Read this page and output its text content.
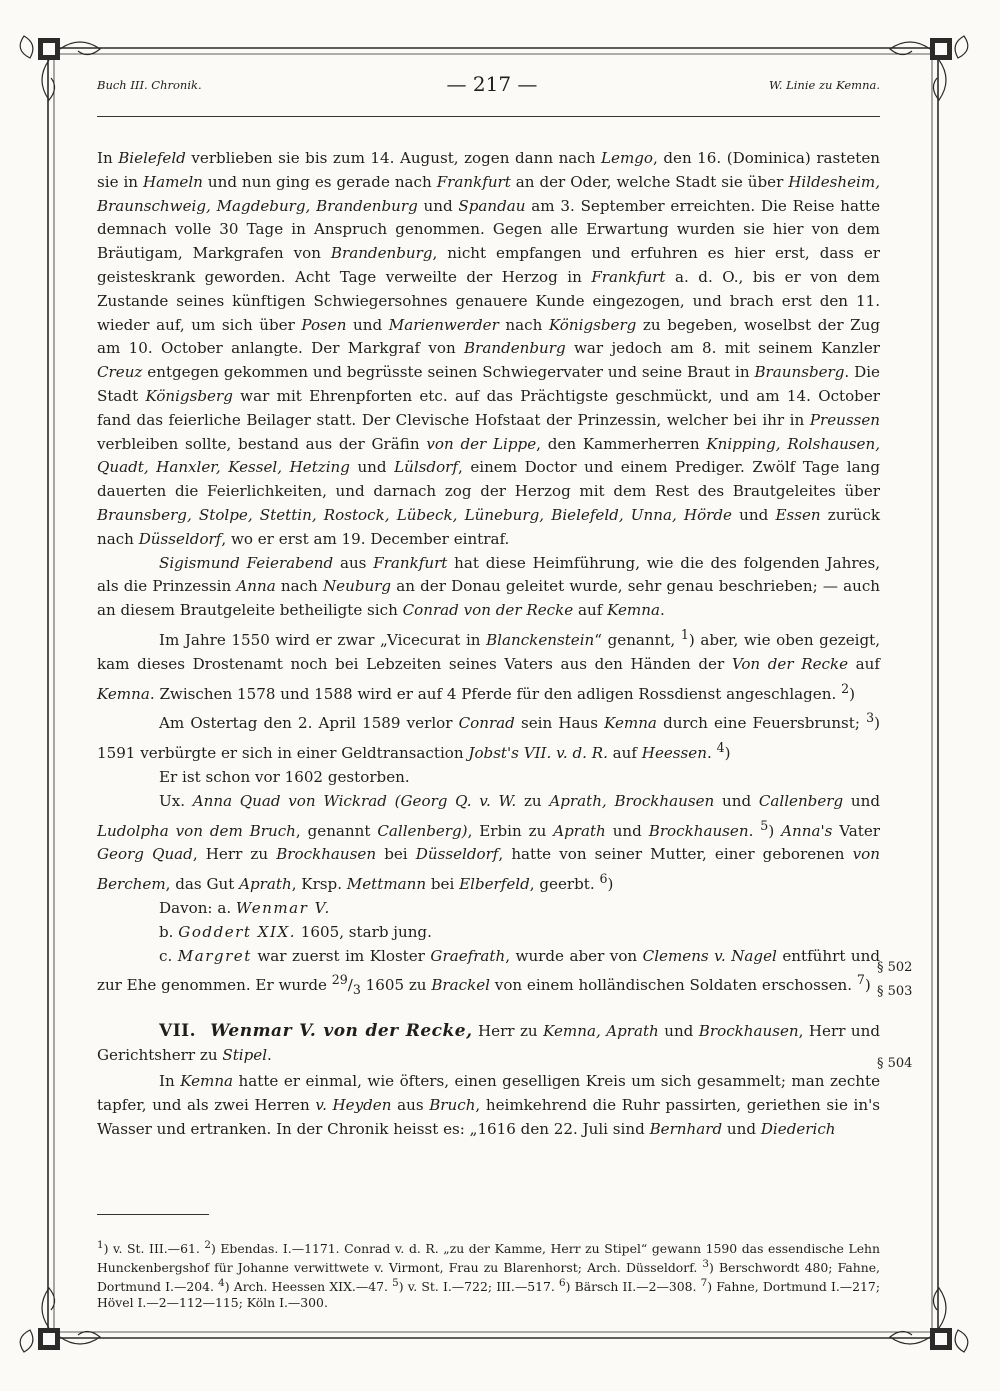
Buch III. Chronik.	— 217 —	W. Linie zu Kemna.

In Bielefeld verblieben sie bis zum 14. August, zogen dann nach Lemgo, den 16. (Dominica) rasteten sie in Hameln und nun ging es gerade nach Frankfurt an der Oder, welche Stadt sie über Hildesheim, Braunschweig, Magdeburg, Brandenburg und Spandau am 3. September erreichten. Die Reise hatte demnach volle 30 Tage in Anspruch genommen. Gegen alle Erwartung wurden sie hier von dem Bräutigam, Markgrafen von Brandenburg, nicht empfangen und erfuhren es hier erst, dass er geisteskrank geworden. Acht Tage verweilte der Herzog in Frankfurt a. d. O., bis er von dem Zustande seines künftigen Schwiegersohnes genauere Kunde eingezogen, und brach erst den 11. wieder auf, um sich über Posen und Marienwerder nach Königsberg zu begeben, woselbst der Zug am 10. October anlangte. Der Markgraf von Brandenburg war jedoch am 8. mit seinem Kanzler Creuz entgegen gekommen und begrüsste seinen Schwiegervater und seine Braut in Braunsberg. Die Stadt Königsberg war mit Ehrenpforten etc. auf das Prächtigste geschmückt, und am 14. October fand das feierliche Beilager statt. Der Clevische Hofstaat der Prinzessin, welcher bei ihr in Preussen verbleiben sollte, bestand aus der Gräfin von der Lippe, den Kammerherren Knipping, Rolshausen, Quadt, Hanxler, Kessel, Hetzing und Lülsdorf, einem Doctor und einem Prediger. Zwölf Tage lang dauerten die Feierlichkeiten, und darnach zog der Herzog mit dem Rest des Brautgeleites über Braunsberg, Stolpe, Stettin, Rostock, Lübeck, Lüneburg, Bielefeld, Unna, Hörde und Essen zurück nach Düsseldorf, wo er erst am 19. December eintraf.

Sigismund Feierabend aus Frankfurt hat diese Heimführung, wie die des folgenden Jahres, als die Prinzessin Anna nach Neuburg an der Donau geleitet wurde, sehr genau beschrieben; — auch an diesem Brautgeleite betheiligte sich Conrad von der Recke auf Kemna.

Im Jahre 1550 wird er zwar „Vicecurat in Blanckenstein“ genannt, $^1$) aber, wie oben gezeigt, kam dieses Drostenamt noch bei Lebzeiten seines Vaters aus den Händen der Von der Recke auf Kemna. Zwischen 1578 und 1588 wird er auf 4 Pferde für den adligen Rossdienst angeschlagen. $^2$)

Am Ostertag den 2. April 1589 verlor Conrad sein Haus Kemna durch eine Feuersbrunst; $^3$) 1591 verbürgte er sich in einer Geldtransaction Jobst's VII. v. d. R. auf Heessen. $^4$)

Er ist schon vor 1602 gestorben.

Ux. Anna Quad von Wickrad (Georg Q. v. W. zu Aprath, Brockhausen und Callenberg und Ludolpha von dem Bruch, genannt Callenberg), Erbin zu Aprath und Brockhausen. $^5$) Anna's Vater Georg Quad, Herr zu Brockhausen bei Düsseldorf, hatte von seiner Mutter, einer geborenen von Berchem, das Gut Aprath, Krsp. Mettmann bei Elberfeld, geerbt. $^6$)

Davon: a. Wenmar V.

b. Goddert XIX. 1605, starb jung.

c. Margret war zuerst im Kloster Graefrath, wurde aber von Clemens v. Nagel entführt und zur Ehe genommen. Er wurde $^{29}/_3$ 1605 zu Brackel von einem holländischen Soldaten erschossen. $^7$)

VII.  Wenmar V. von der Recke, Herr zu Kemna, Aprath und Brockhausen, Herr und Gerichtsherr zu Stipel.

In Kemna hatte er einmal, wie öfters, einen geselligen Kreis um sich gesammelt; man zechte tapfer, und als zwei Herren v. Heyden aus Bruch, heimkehrend die Ruhr passirten, geriethen sie in's Wasser und ertranken. In der Chronik heisst es: „1616 den 22. Juli sind Bernhard und Diederich

§ 502
§ 503
§ 504

$^1$) v. St. III.—61. $^2$) Ebendas. I.—1171. Conrad v. d. R. „zu der Kamme, Herr zu Stipel“ gewann 1590 das essendische Lehn Hunckenbergshof für Johanne verwittwete v. Virmont, Frau zu Blarenhorst; Arch. Düsseldorf. $^3$) Berschwordt 480; Fahne, Dortmund I.—204. $^4$) Arch. Heessen XIX.—47. $^5$) v. St. I.—722; III.—517. $^6$) Bärsch II.—2—308. $^7$) Fahne, Dortmund I.—217; Hövel I.—2—112—115; Köln I.—300.
